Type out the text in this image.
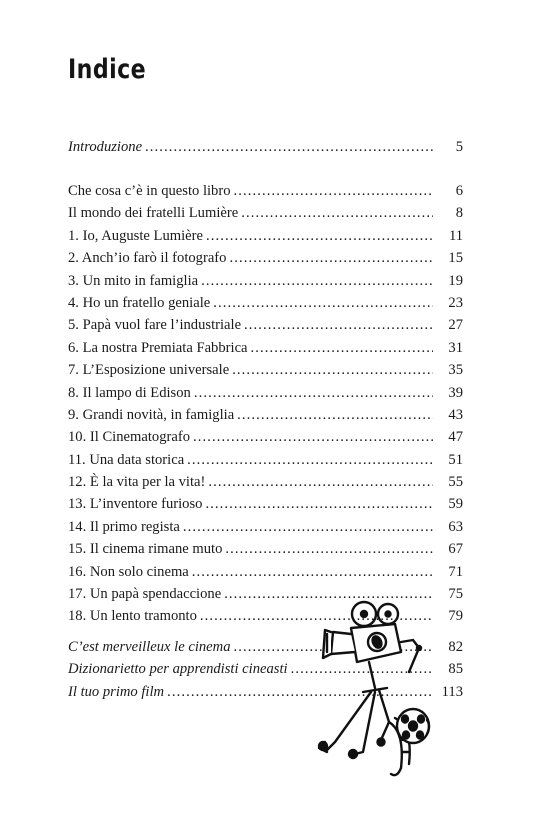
Indice
Introduzione .....	5
Che cosa c’è in questo libro .....	6
Il mondo dei fratelli Lumière .....	8
1. Io, Auguste Lumière .....	11
2. Anch’io farò il fotografo .....	15
3. Un mito in famiglia .....	19
4. Ho un fratello geniale .....	23
5. Papà vuol fare l’industriale .....	27
6. La nostra Premiata Fabbrica .....	31
7. L’Esposizione universale .....	35
8. Il lampo di Edison .....	39
9. Grandi novità, in famiglia .....	43
10. Il Cinematografo .....	47
11. Una data storica .....	51
12. È la vita per la vita! .....	55
13. L’inventore furioso .....	59
14. Il primo regista .....	63
15. Il cinema rimane muto .....	67
16. Non solo cinema .....	71
17. Un papà spendaccione .....	75
18. Un lento tramonto .....	79
C’est merveilleux le cinema .....	82
Dizionarietto per apprendisti cineasti .....	85
Il tuo primo film .....	113
